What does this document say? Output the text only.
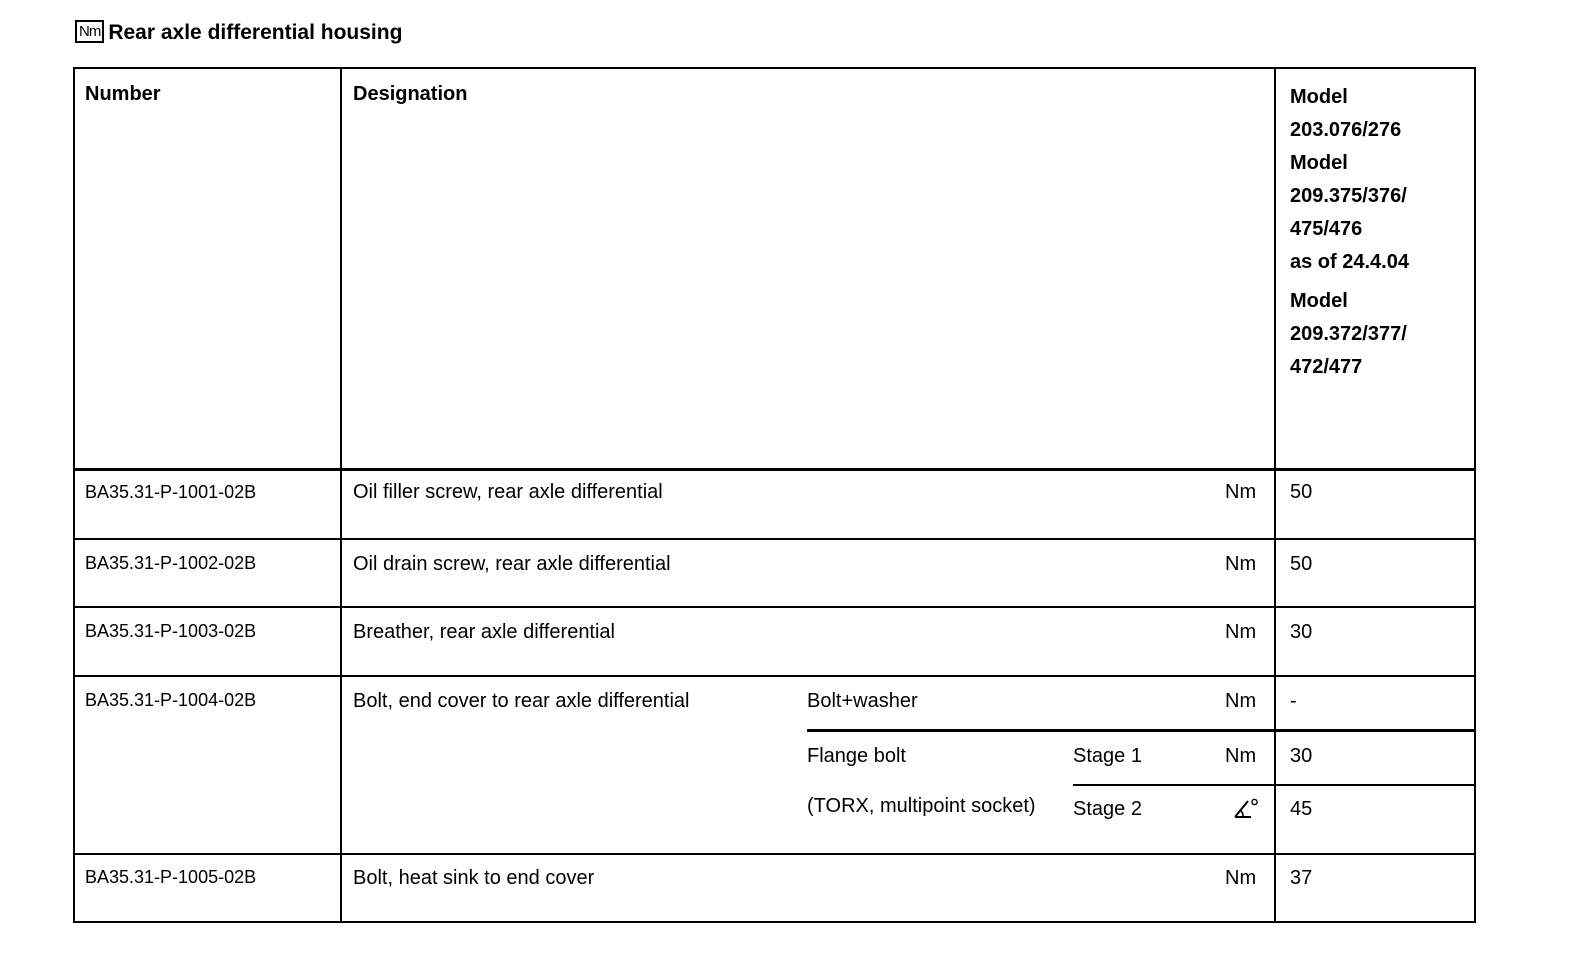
Nm Rear axle differential housing
Number	Designation	Model
203.076/276
Model
209.375/376/
475/476
as of 24.4.04
Model
209.372/377/
472/477
BA35.31-P-1001-02B	Oil filler screw, rear axle differential	Nm 50
BA35.31-P-1002-02B	Oil drain screw, rear axle differential	Nm 50
BA35.31-P-1003-02B	Breather, rear axle differential	Nm 30
BA35.31-P-1004-02B	Bolt, end cover to rear axle differential	Bolt+washer	Nm -
Flange bolt	Stage 1	Nm 30
(TORX, multipoint socket) Stage 2	45
BA35.31-P-1005-02B	Bolt, heat sink to end cover	Nm 37
